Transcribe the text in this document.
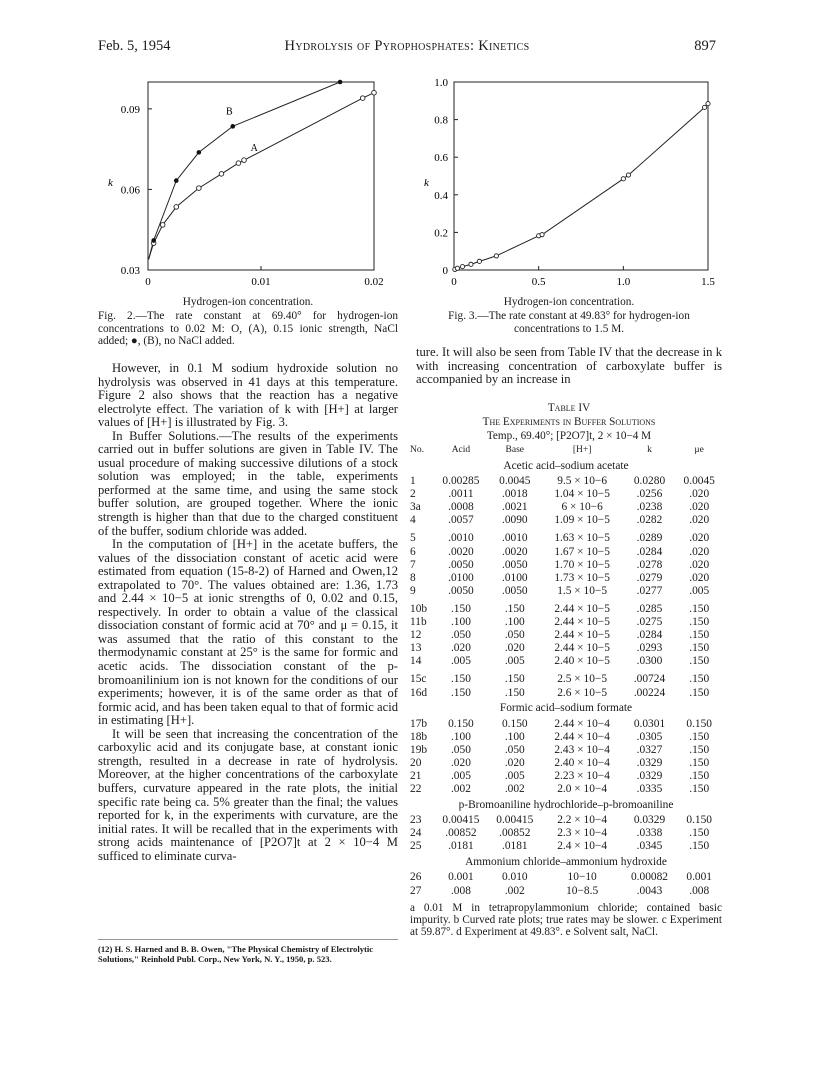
Feb. 5, 1954	Hydrolysis of Pyrophosphates: Kinetics	897
k
0	0.01	0.02
0.03
0.06
0.09
A
B
Hydrogen-ion concentration.
Fig. 2.—The rate constant at 69.40° for hydrogen-ion concentrations to 0.02 M: O, (A), 0.15 ionic strength, NaCl added; ●, (B), no NaCl added.
k
0	0.5	1.0	1.5
0
0.2
0.4
0.6
0.8
1.0
Hydrogen-ion concentration.
Fig. 3.—The rate constant at 49.83° for hydrogen-ion concentrations to 1.5 M.

However, in 0.1 M sodium hydroxide solution no hydrolysis was observed in 41 days at this temperature. Figure 2 also shows that the reaction has a negative electrolyte effect. The variation of k with [H+] at larger values of [H+] is illustrated by Fig. 3.

In Buffer Solutions.—The results of the experiments carried out in buffer solutions are given in Table IV. The usual procedure of making successive dilutions of a stock solution was employed; in the table, experiments performed at the same time, and using the same stock buffer solution, are grouped together. Where the ionic strength is higher than that due to the charged constituent of the buffer, sodium chloride was added.

In the computation of [H+] in the acetate buffers, the values of the dissociation constant of acetic acid were estimated from equation (15-8-2) of Harned and Owen,12 extrapolated to 70°. The values obtained are: 1.36, 1.73 and 2.44 × 10−5 at ionic strengths of 0, 0.02 and 0.15, respectively. In order to obtain a value of the classical dissociation constant of formic acid at 70° and μ = 0.15, it was assumed that the ratio of this constant to the thermodynamic constant at 25° is the same for formic and acetic acids. The dissociation constant of the p-bromoanilinium ion is not known for the conditions of our experiments; however, it is of the same order as that of formic acid, and has been taken equal to that of formic acid in estimating [H+].

It will be seen that increasing the concentration of the carboxylic acid and its conjugate base, at constant ionic strength, resulted in a decrease in rate of hydrolysis. Moreover, at the higher concentrations of the carboxylate buffers, curvature appeared in the rate plots, the initial specific rate being ca. 5% greater than the final; the values reported for k, in the experiments with curvature, are the initial rates. It will be recalled that in the experiments with strong acids maintenance of [P2O7]t at 2 × 10−4 M sufficed to eliminate curva-

(12) H. S. Harned and B. B. Owen, "The Physical Chemistry of Electrolytic Solutions," Reinhold Publ. Corp., New York, N. Y., 1950, p. 523.

ture. It will also be seen from Table IV that the decrease in k with increasing concentration of carboxylate buffer is accompanied by an increase in

Table IV
The Experiments in Buffer Solutions
Temp., 69.40°; [P2O7]t, 2 × 10−4 M
No.	Acid	Base	[H+]	k	μe
Acetic acid–sodium acetate					
1	0.00285	0.0045	9.5 × 10−6	0.0280	0.0045
2	.0011	.0018	1.04 × 10−5	.0256	.020
3a	.0008	.0021	6 × 10−6	.0238	.020
4	.0057	.0090	1.09 × 10−5	.0282	.020
5	.0010	.0010	1.63 × 10−5	.0289	.020
6	.0020	.0020	1.67 × 10−5	.0284	.020
7	.0050	.0050	1.70 × 10−5	.0278	.020
8	.0100	.0100	1.73 × 10−5	.0279	.020
9	.0050	.0050	1.5 × 10−5	.0277	.005
10b	.150	.150	2.44 × 10−5	.0285	.150
11b	.100	.100	2.44 × 10−5	.0275	.150
12	.050	.050	2.44 × 10−5	.0284	.150
13	.020	.020	2.44 × 10−5	.0293	.150
14	.005	.005	2.40 × 10−5	.0300	.150
15c	.150	.150	2.5 × 10−5	.00724	.150
16d	.150	.150	2.6 × 10−5	.00224	.150
Formic acid–sodium formate					
17b	0.150	0.150	2.44 × 10−4	0.0301	0.150
18b	.100	.100	2.44 × 10−4	.0305	.150
19b	.050	.050	2.43 × 10−4	.0327	.150
20	.020	.020	2.40 × 10−4	.0329	.150
21	.005	.005	2.23 × 10−4	.0329	.150
22	.002	.002	2.0 × 10−4	.0335	.150
p-Bromoaniline hydrochloride–p-bromoaniline					
23	0.00415	0.00415	2.2 × 10−4	0.0329	0.150
24	.00852	.00852	2.3 × 10−4	.0338	.150
25	.0181	.0181	2.4 × 10−4	.0345	.150
Ammonium chloride–ammonium hydroxide					
26	0.001	0.010	10−10	0.00082	0.001
27	.008	.002	10−8.5	.0043	.008
a 0.01 M in tetrapropylammonium chloride; contained basic impurity. b Curved rate plots; true rates may be slower. c Experiment at 59.87°. d Experiment at 49.83°. e Solvent salt, NaCl.
